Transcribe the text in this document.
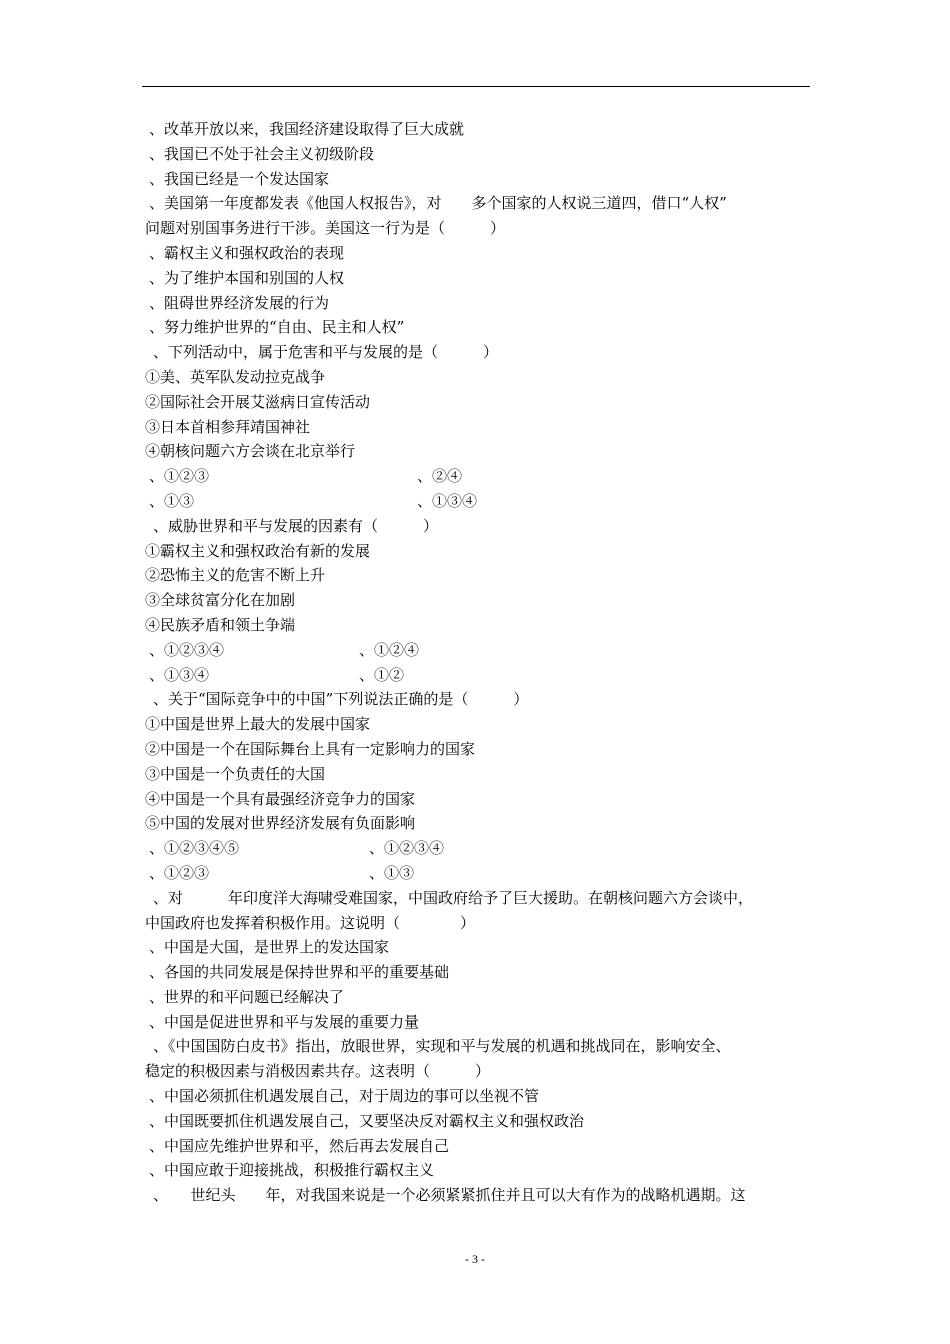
、改革开放以来，我国经济建设取得了巨大成就
、我国已不处于社会主义初级阶段
、我国已经是一个发达国家
、美国第一年度都发表《他国人权报告》，对　　多个国家的人权说三道四，借口“人权”
问题对别国事务进行干涉。美国这一行为是（　　　）
、霸权主义和强权政治的表现
、为了维护本国和别国的人权
、阻碍世界经济发展的行为
、努力维护世界的“自由、民主和人权”
、下列活动中，属于危害和平与发展的是（　　　）
①美、英军队发动拉克战争
②国际社会开展艾滋病日宣传活动
③日本首相参拜靖国神社
④朝核问题六方会谈在北京举行
、①②③	、②④
、①③	、①③④
、威胁世界和平与发展的因素有（　　　）
①霸权主义和强权政治有新的发展
②恐怖主义的危害不断上升
③全球贫富分化在加剧
④民族矛盾和领土争端
、①②③④	、①②④
、①③④	、①②
、关于“国际竞争中的中国”下列说法正确的是（　　　）
①中国是世界上最大的发展中国家
②中国是一个在国际舞台上具有一定影响力的国家
③中国是一个负责任的大国
④中国是一个具有最强经济竞争力的国家
⑤中国的发展对世界经济发展有负面影响
、①②③④⑤	、①②③④
、①②③	、①③
、对　　　年印度洋大海啸受难国家，中国政府给予了巨大援助。在朝核问题六方会谈中，
中国政府也发挥着积极作用。这说明（　　　　）
、中国是大国，是世界上的发达国家
、各国的共同发展是保持世界和平的重要基础
、世界的和平问题已经解决了
、中国是促进世界和平与发展的重要力量
、《中国国防白皮书》指出，放眼世界，实现和平与发展的机遇和挑战同在，影响安全、
稳定的积极因素与消极因素共存。这表明（　　　）
、中国必须抓住机遇发展自己，对于周边的事可以坐视不管
、中国既要抓住机遇发展自己，又要坚决反对霸权主义和强权政治
、中国应先维护世界和平，然后再去发展自己
、中国应敢于迎接挑战，积极推行霸权主义
、　　世纪头　　年，对我国来说是一个必须紧紧抓住并且可以大有作为的战略机遇期。这
- 3 -
